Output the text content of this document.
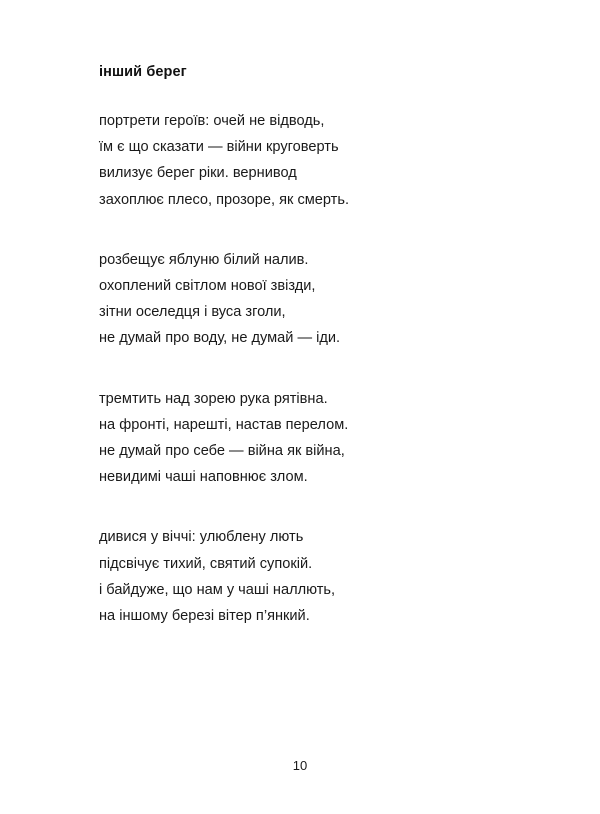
інший берег
портрети героїв: очей не відводь,
їм є що сказати — війни круговерть
вилизує берег ріки. вернивод
захоплює плесо, прозоре, як смерть.
розбещує яблуню білий налив.
охоплений світлом нової звізди,
зітни оселедця і вуса зголи,
не думай про воду, не думай — іди.
тремтить над зорею рука рятівна.
на фронті, нарешті, настав перелом.
не думай про себе — війна як війна,
невидимі чаші наповнює злом.
дивися у віччі: улюблену лють
підсвічує тихий, святий супокій.
і байдуже, що нам у чаші наллють,
на іншому березі вітер п’янкий.
10
